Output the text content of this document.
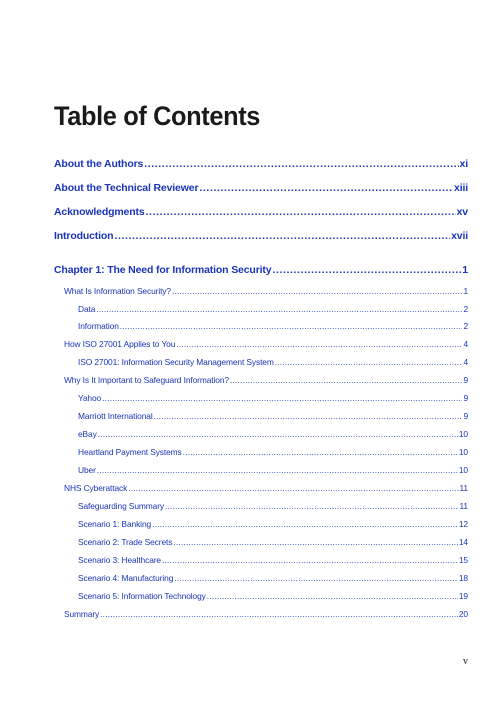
Table of Contents
About the Authors .....	xi
About the Technical Reviewer .....	xiii
Acknowledgments .....	xv
Introduction .....	xvii
Chapter 1: The Need for Information Security .....	1
What Is Information Security? .....	1
Data .....	2
Information .....	2
How ISO 27001 Applies to You .....	4
ISO 27001: Information Security Management System .....	4
Why Is It Important to Safeguard Information? .....	9
Yahoo .....	9
Marriott International .....	9
eBay .....	10
Heartland Payment Systems .....	10
Uber .....	10
NHS Cyberattack .....	11
Safeguarding Summary .....	11
Scenario 1: Banking .....	12
Scenario 2: Trade Secrets .....	14
Scenario 3: Healthcare .....	15
Scenario 4: Manufacturing .....	18
Scenario 5: Information Technology .....	19
Summary .....	20
v
